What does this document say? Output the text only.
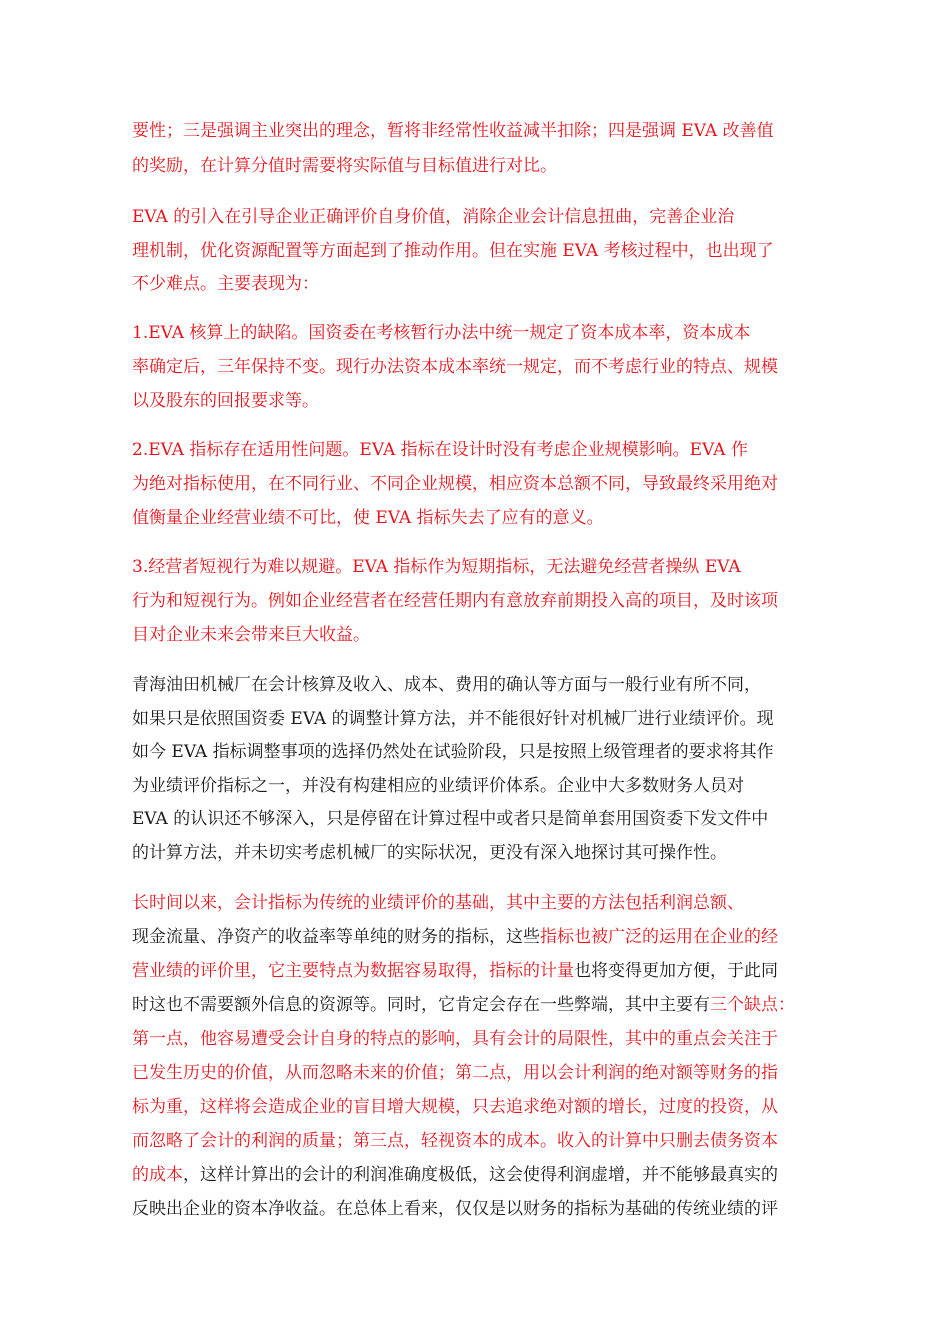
要性；三是强调主业突出的理念，暂将非经常性收益减半扣除；四是强调 EVA 改善值
的奖励，在计算分值时需要将实际值与目标值进行对比。
EVA 的引入在引导企业正确评价自身价值，消除企业会计信息扭曲，完善企业治
理机制，优化资源配置等方面起到了推动作用。但在实施 EVA 考核过程中，也出现了
不少难点。主要表现为：
1.EVA 核算上的缺陷。国资委在考核暂行办法中统一规定了资本成本率，资本成本
率确定后，三年保持不变。现行办法资本成本率统一规定，而不考虑行业的特点、规模
以及股东的回报要求等。
2.EVA 指标存在适用性问题。EVA 指标在设计时没有考虑企业规模影响。EVA 作
为绝对指标使用，在不同行业、不同企业规模，相应资本总额不同，导致最终采用绝对
值衡量企业经营业绩不可比，使 EVA 指标失去了应有的意义。
3.经营者短视行为难以规避。EVA 指标作为短期指标，无法避免经营者操纵 EVA
行为和短视行为。例如企业经营者在经营任期内有意放弃前期投入高的项目，及时该项
目对企业未来会带来巨大收益。
青海油田机械厂在会计核算及收入、成本、费用的确认等方面与一般行业有所不同，
如果只是依照国资委 EVA 的调整计算方法，并不能很好针对机械厂进行业绩评价。现
如今 EVA 指标调整事项的选择仍然处在试验阶段，只是按照上级管理者的要求将其作
为业绩评价指标之一，并没有构建相应的业绩评价体系。企业中大多数财务人员对
EVA 的认识还不够深入，只是停留在计算过程中或者只是简单套用国资委下发文件中
的计算方法，并未切实考虑机械厂的实际状况，更没有深入地探讨其可操作性。
长时间以来，会计指标为传统的业绩评价的基础，其中主要的方法包括利润总额、
现金流量、净资产的收益率等单纯的财务的指标，这些指标也被广泛的运用在企业的经
营业绩的评价里，它主要特点为数据容易取得，指标的计量也将变得更加方便，于此同
时这也不需要额外信息的资源等。同时，它肯定会存在一些弊端，其中主要有三个缺点：
第一点，他容易遭受会计自身的特点的影响，具有会计的局限性，其中的重点会关注于
已发生历史的价值，从而忽略未来的价值；第二点，用以会计利润的绝对额等财务的指
标为重，这样将会造成企业的盲目增大规模，只去追求绝对额的增长，过度的投资，从
而忽略了会计的利润的质量；第三点，轻视资本的成本。收入的计算中只删去债务资本
的成本，这样计算出的会计的利润准确度极低，这会使得利润虚增，并不能够最真实的
反映出企业的资本净收益。在总体上看来，仅仅是以财务的指标为基础的传统业绩的评
